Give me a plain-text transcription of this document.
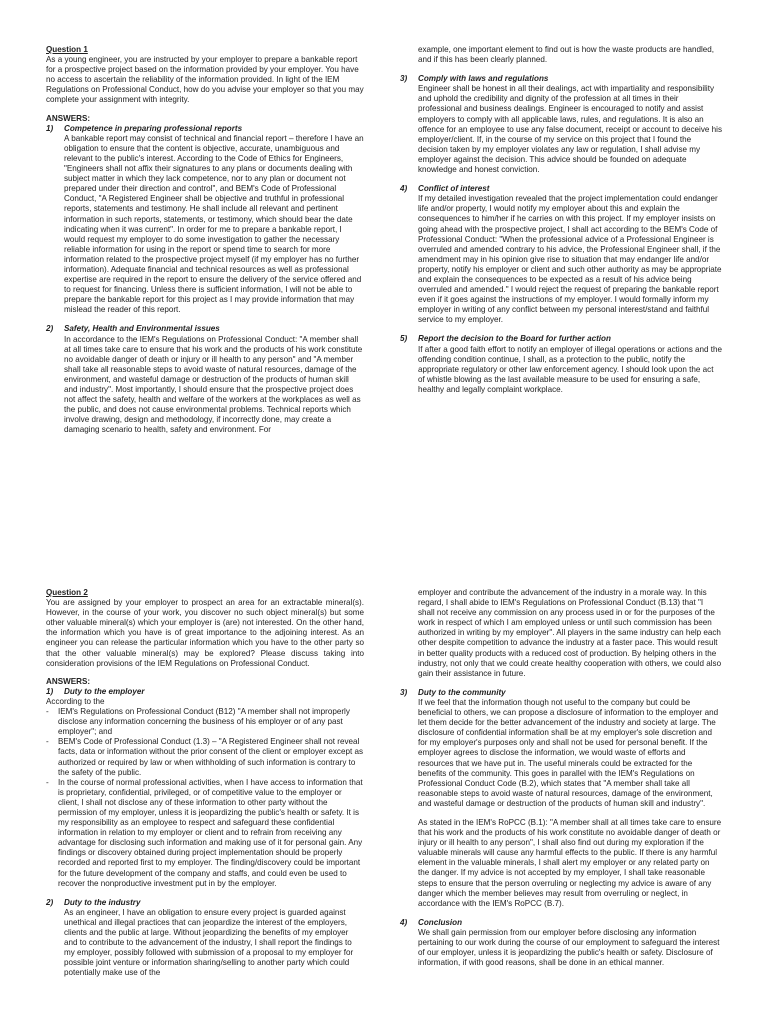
Question 1
As a young engineer, you are instructed by your employer to prepare a bankable report for a prospective project based on the information provided by your employer. You have no access to ascertain the reliability of the information provided. In light of the IEM Regulations on Professional Conduct, how do you advise your employer so that you may complete your assignment with integrity.
ANSWERS:
1) Competence in preparing professional reports
A bankable report may consist of technical and financial report – therefore I have an obligation to ensure that the content is objective, accurate, unambiguous and relevant to the public's interest. According to the Code of Ethics for Engineers, "Engineers shall not affix their signatures to any plans or documents dealing with subject matter in which they lack competence, nor to any plan or document not prepared under their direction and control", and BEM's Code of Professional Conduct, "A Registered Engineer shall be objective and truthful in professional reports, statements and testimony. He shall include all relevant and pertinent information in such reports, statements, or testimony, which should bear the date indicating when it was current". In order for me to prepare a bankable report, I would request my employer to do some investigation to gather the necessary reliable information for using in the report or spend time to search for more information related to the prospective project myself (if my employer has no further information). Adequate financial and technical resources as well as professional expertise are required in the report to ensure the delivery of the service offered and to request for financing. Unless there is sufficient information, I will not be able to prepare the bankable report for this project as I may provide information that may mislead the reader of this report.
2) Safety, Health and Environmental issues
In accordance to the IEM's Regulations on Professional Conduct: "A member shall at all times take care to ensure that his work and the products of his work constitute no avoidable danger of death or injury or ill health to any person" and "A member shall take all reasonable steps to avoid waste of natural resources, damage of the environment, and wasteful damage or destruction of the products of human skill and industry". Most importantly, I should ensure that the prospective project does not affect the safety, health and welfare of the workers at the workplaces as well as the public, and does not cause environmental problems. Technical reports which involve drawing, design and methodology, if incorrectly done, may create a damaging scenario to health, safety and environment. For
example, one important element to find out is how the waste products are handled, and if this has been clearly planned.
3) Comply with laws and regulations
Engineer shall be honest in all their dealings, act with impartiality and responsibility and uphold the credibility and dignity of the profession at all times in their professional and business dealings. Engineer is encouraged to notify and assist employers to comply with all applicable laws, rules, and regulations. It is also an offence for an employee to use any false document, receipt or account to deceive his employer/client. If, in the course of my service on this project that I found the decision taken by my employer violates any law or regulation, I shall advise my employer against the decision. This advice should be founded on adequate knowledge and honest conviction.
4) Conflict of interest
If my detailed investigation revealed that the project implementation could endanger life and/or property, I would notify my employer about this and explain the consequences to him/her if he carries on with this project. If my employer insists on going ahead with the prospective project, I shall act according to the BEM's Code of Professional Conduct: "When the professional advice of a Professional Engineer is overruled and amended contrary to his advice, the Professional Engineer shall, if the amendment may in his opinion give rise to situation that may endanger life and/or property, notify his employer or client and such other authority as may be appropriate and explain the consequences to be expected as a result of his advice being overruled and amended." I would reject the request of preparing the bankable report even if it goes against the instructions of my employer. I would formally inform my employer in writing of any conflict between my personal interest/stand and faithful service to my employer.
5) Report the decision to the Board for further action
If after a good faith effort to notify an employer of illegal operations or actions and the offending condition continue, I shall, as a protection to the public, notify the appropriate regulatory or other law enforcement agency. I should look upon the act of whistle blowing as the last available measure to be used for ensuring a safe, healthy and legally complaint workplace.
Question 2
You are assigned by your employer to prospect an area for an extractable mineral(s). However, in the course of your work, you discover no such object mineral(s) but some other valuable mineral(s) which your employer is (are) not interested. On the other hand, the information which you have is of great importance to the adjoining interest. As an engineer you can release the particular information which you have to the other party so that the other valuable mineral(s) may be explored? Please discuss taking into consideration provisions of the IEM Regulations on Professional Conduct.
ANSWERS:
1) Duty to the employer
According to the
- IEM's Regulations on Professional Conduct (B12) "A member shall not improperly disclose any information concerning the business of his employer or of any past employer"; and
- BEM's Code of Professional Conduct (1.3) – "A Registered Engineer shall not reveal facts, data or information without the prior consent of the client or employer except as authorized or required by law or when withholding of such information is contrary to the safety of the public.
- In the course of normal professional activities, when I have access to information that is proprietary, confidential, privileged, or of competitive value to the employer or client, I shall not disclose any of these information to other party without the permission of my employer, unless it is jeopardizing the public's health or safety. It is my responsibility as an employee to respect and safeguard these confidential information in relation to my employer or client and to refrain from receiving any advantage for disclosing such information and making use of it for personal gain. Any findings or discovery obtained during project implementation should be properly recorded and reported first to my employer. The finding/discovery could be important for the future development of the company and staffs, and could even be used to recover the nonproductive investment put in by the employer.
2) Duty to the industry
As an engineer, I have an obligation to ensure every project is guarded against unethical and illegal practices that can jeopardize the interest of the employers, clients and the public at large. Without jeopardizing the benefits of my employer and to contribute to the advancement of the industry, I shall report the findings to my employer, possibly followed with submission of a proposal to my employer for possible joint venture or information sharing/selling to another party which could potentially make use of the
employer and contribute the advancement of the industry in a morale way. In this regard, I shall abide to IEM's Regulations on Professional Conduct (B.13) that "I shall not receive any commission on any process used in or for the purposes of the work in respect of which I am employed unless or until such commission has been authorized in writing by my employer". All players in the same industry can help each other despite competition to advance the industry at a faster pace. This would result in better quality products with a reduced cost of production. By helping others in the industry, not only that we could create healthy cooperation with others, we could also gain their assistance in future.
3) Duty to the community
If we feel that the information though not useful to the company but could be beneficial to others, we can propose a disclosure of information to the employer and let them decide for the better advancement of the industry and society at large. The disclosure of confidential information shall be at my employer's sole discretion and for my employer's purposes only and shall not be used for personal benefit. If the employer agrees to disclose the information, we would waste of efforts and resources that we have put in. The useful minerals could be extracted for the benefits of the community. This goes in parallel with the IEM's Regulations on Professional Conduct Code (B.2), which states that "A member shall take all reasonable steps to avoid waste of natural resources, damage of the environment, and wasteful damage or destruction of the products of human skill and industry".
As stated in the IEM's RoPCC (B.1): "A member shall at all times take care to ensure that his work and the products of his work constitute no avoidable danger of death or injury or ill health to any person", I shall also find out during my exploration if the valuable minerals will cause any harmful effects to the public. If there is any harmful element in the valuable minerals, I shall alert my employer or any related party on the danger. If my advice is not accepted by my employer, I shall take reasonable steps to ensure that the person overruling or neglecting my advice is aware of any danger which the member believes may result from overruling or neglect, in accordance with the IEM's RoPCC (B.7).
4) Conclusion
We shall gain permission from our employer before disclosing any information pertaining to our work during the course of our employment to safeguard the interest of our employer, unless it is jeopardizing the public's health or safety. Disclosure of information, if with good reasons, shall be done in an ethical manner.
